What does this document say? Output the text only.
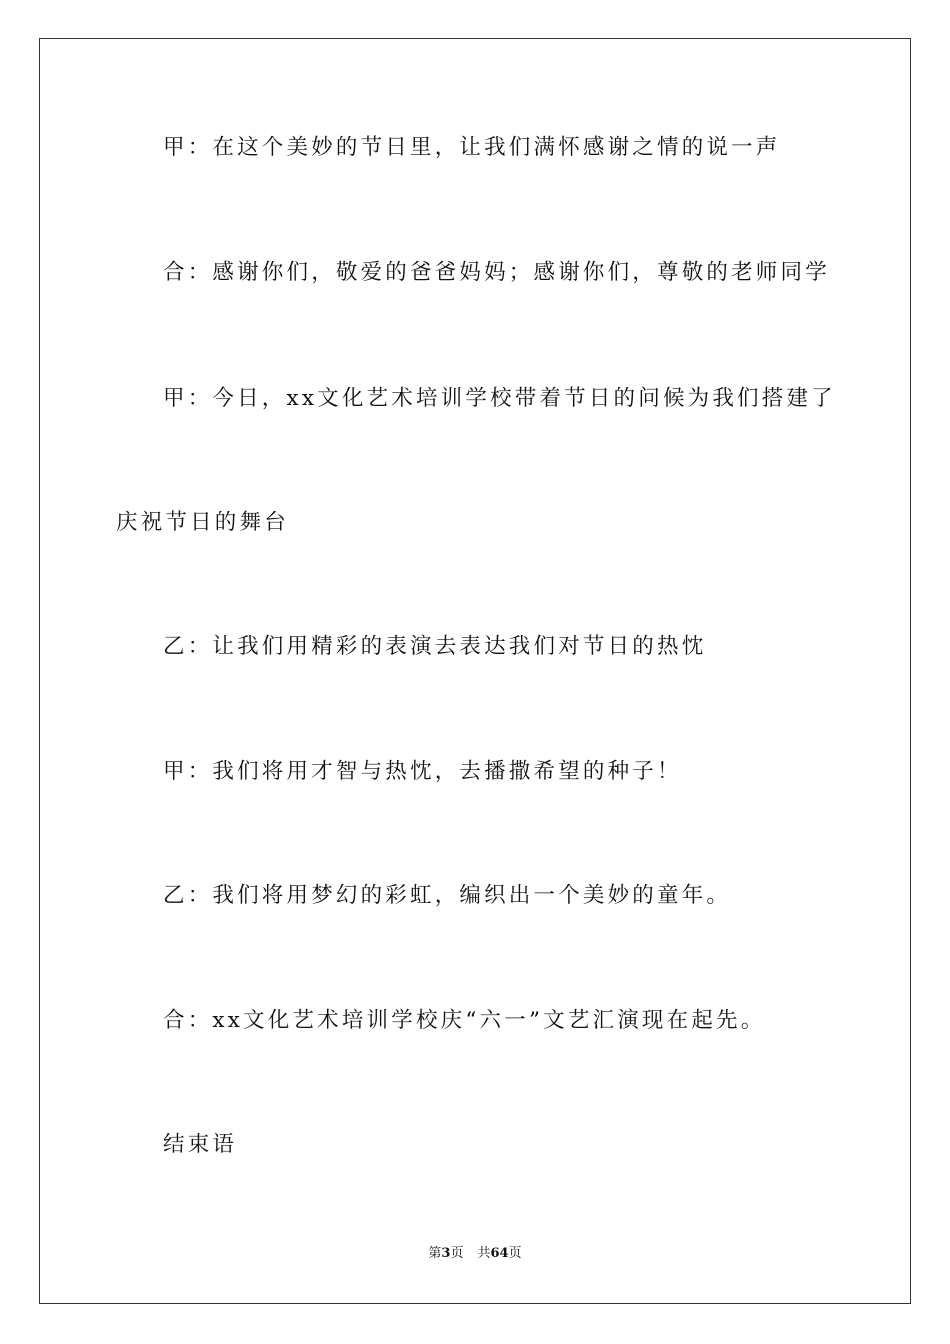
甲：在这个美妙的节日里，让我们满怀感谢之情的说一声
合：感谢你们，敬爱的爸爸妈妈；感谢你们，尊敬的老师同学
甲：今日，xx文化艺术培训学校带着节日的问候为我们搭建了
庆祝节日的舞台
乙：让我们用精彩的表演去表达我们对节日的热忱
甲：我们将用才智与热忱，去播撒希望的种子！
乙：我们将用梦幻的彩虹，编织出一个美妙的童年。
合：xx文化艺术培训学校庆“六一”文艺汇演现在起先。
结束语
第3页 共64页
